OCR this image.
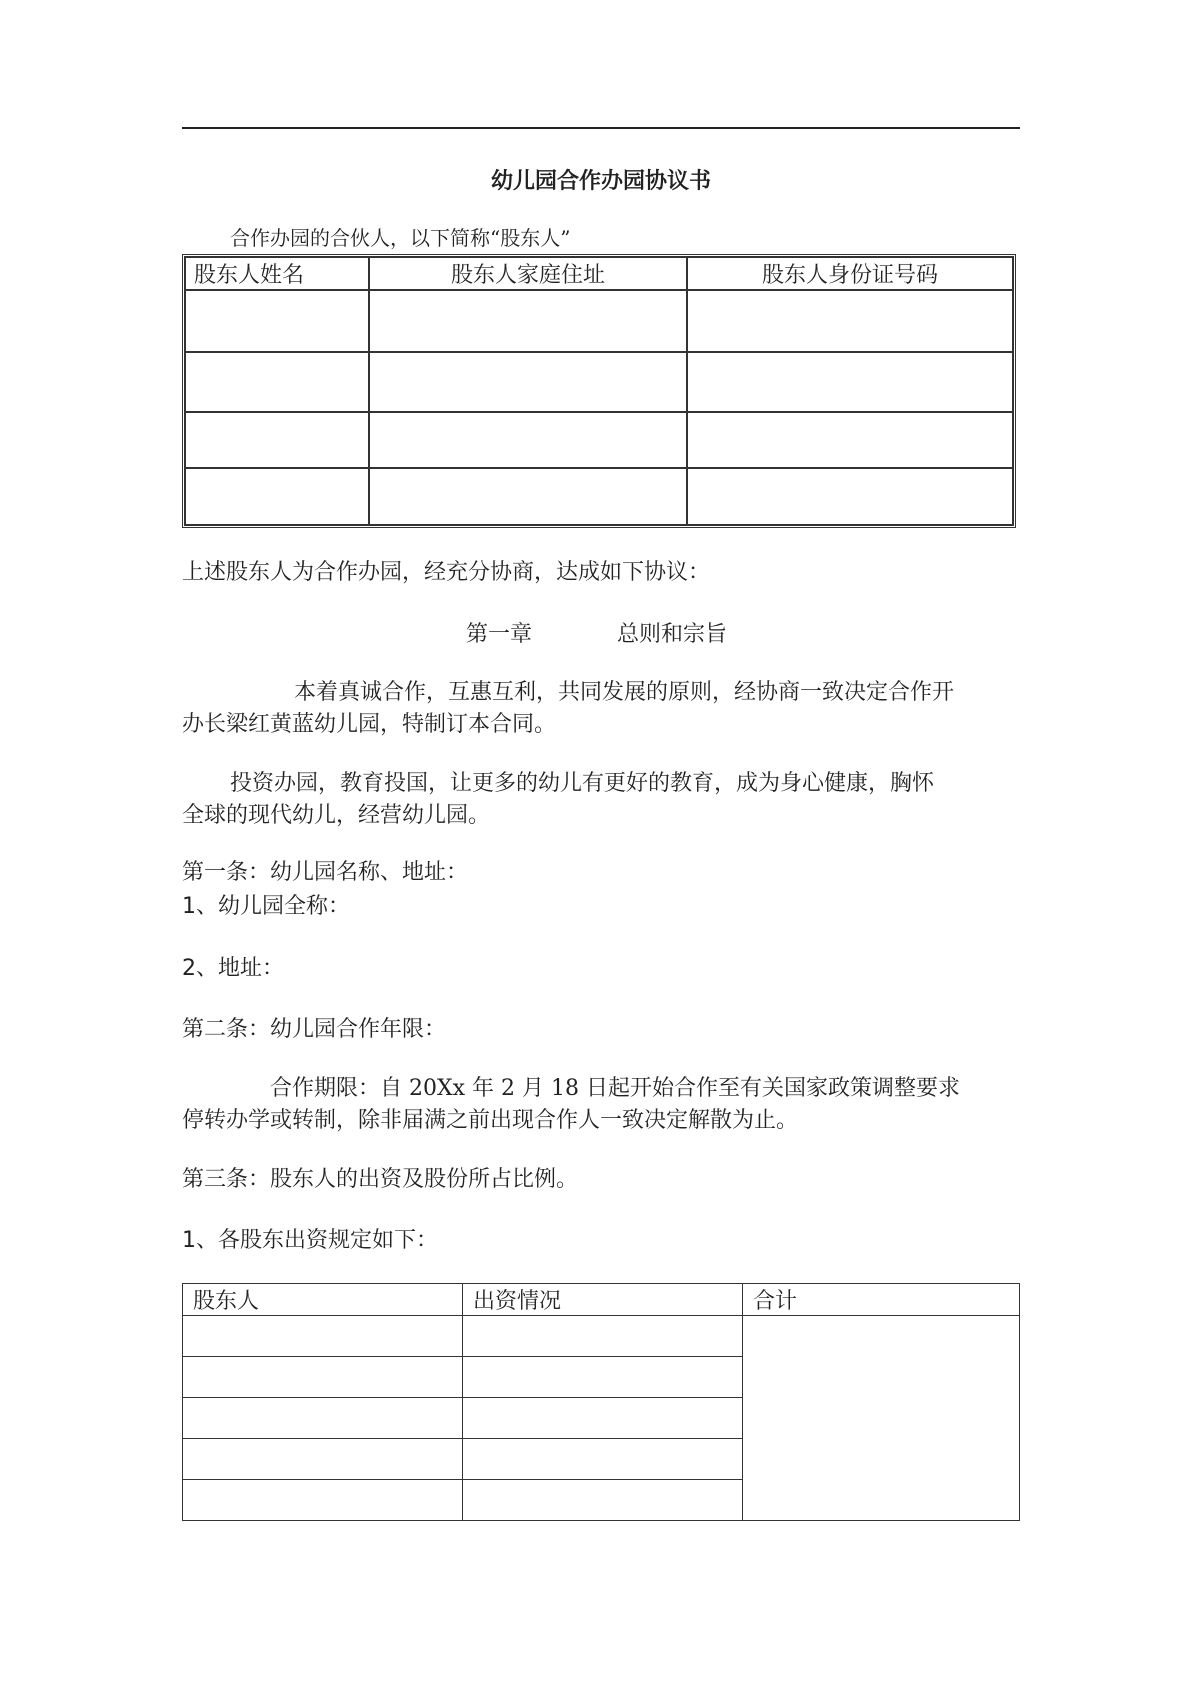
幼儿园合作办园协议书
合作办园的合伙人，以下简称“股东人”
股东人姓名	股东人家庭住址	股东人身份证号码

上述股东人为合作办园，经充分协商，达成如下协议：
第一章	总则和宗旨
本着真诚合作，互惠互利，共同发展的原则，经协商一致决定合作开
办长梁红黄蓝幼儿园，特制订本合同。
投资办园，教育投国，让更多的幼儿有更好的教育，成为身心健康，胸怀
全球的现代幼儿，经营幼儿园。
第一条：幼儿园名称、地址：
1、幼儿园全称：
2、地址：
第二条：幼儿园合作年限：
合作期限：自 20Xx 年 2 月 18 日起开始合作至有关国家政策调整要求
停转办学或转制，除非届满之前出现合作人一致决定解散为止。
第三条：股东人的出资及股份所占比例。
1、各股东出资规定如下：
股东人	出资情况	合计
